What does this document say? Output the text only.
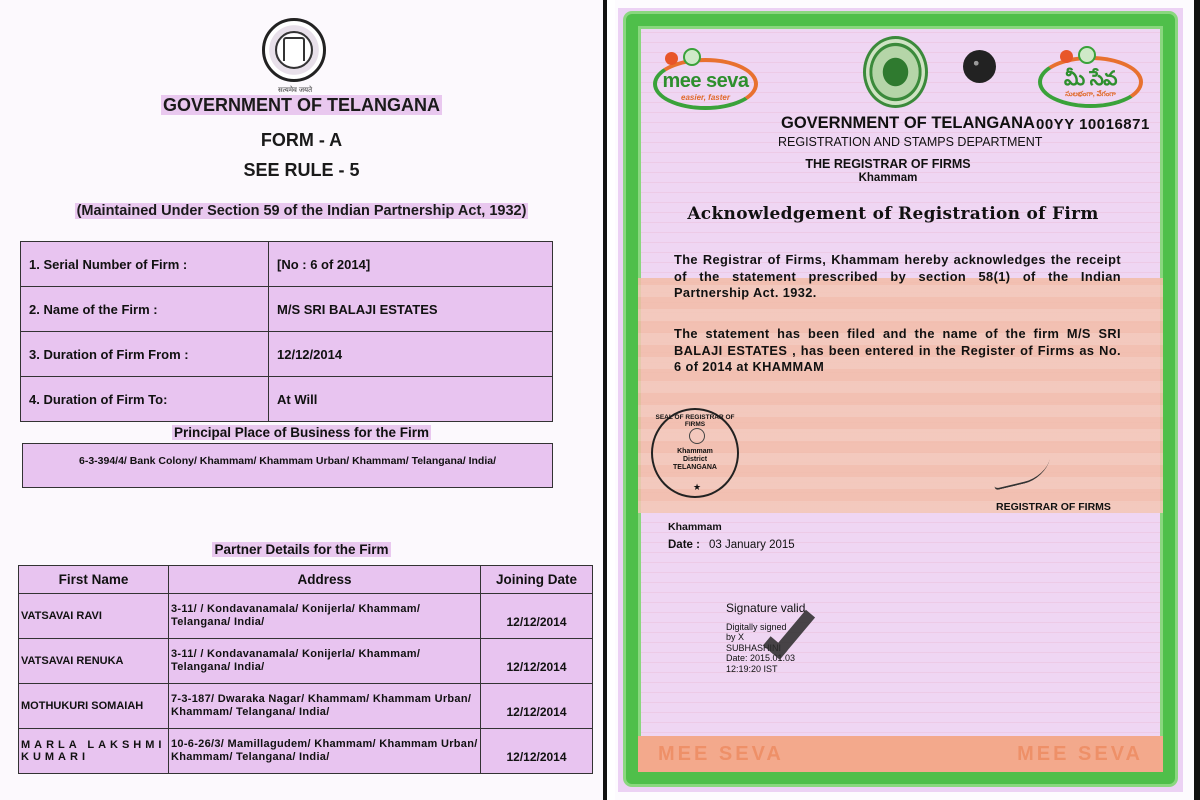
सत्यमेव जयते
GOVERNMENT OF TELANGANA
FORM - A
SEE RULE - 5
(Maintained Under Section 59 of the Indian Partnership Act, 1932)
1. Serial Number of Firm :	[No : 6 of 2014]
2. Name of the Firm :	M/S SRI BALAJI ESTATES
3. Duration of Firm From :	12/12/2014
4. Duration of Firm To:	At Will
Principal Place of Business for the Firm
6-3-394/4/ Bank Colony/ Khammam/ Khammam Urban/ Khammam/ Telangana/ India/
Partner Details for the Firm
First Name	Address	Joining Date
VATSAVAI RAVI	3-11/ / Kondavanamala/ Konijerla/ Khammam/ Telangana/ India/	12/12/2014
VATSAVAI RENUKA	3-11/ / Kondavanamala/ Konijerla/ Khammam/ Telangana/ India/	12/12/2014
MOTHUKURI SOMAIAH	7-3-187/ Dwaraka Nagar/ Khammam/ Khammam Urban/ Khammam/ Telangana/ India/	12/12/2014
MARLA LAKSHMI KUMARI	10-6-26/3/ Mamillagudem/ Khammam/ Khammam Urban/ Khammam/ Telangana/ India/	12/12/2014	MEE SEVA	MEE SEVA
mee seva
easier, faster
మీ సేవ
సులభంగా, వేగంగా
GOVERNMENT OF TELANGANA 00YY 10016871
REGISTRATION AND STAMPS DEPARTMENT
THE REGISTRAR OF FIRMS
Khammam
Acknowledgement of Registration of Firm
The Registrar of Firms, Khammam hereby acknowledges the receipt of the statement prescribed by section 58(1) of the Indian Partnership Act. 1932.
The statement has been filed and the name of the firm M/S SRI BALAJI ESTATES , has been entered in the Register of Firms as No. 6 of 2014 at KHAMMAM
SEAL OF REGISTRAR OF FIRMS
Khammam
District
TELANGANA
★
REGISTRAR OF FIRMS
Khammam
Date : 03 January 2015
Signature valid
Digitally signed
by X
SUBHASHINI
Date: 2015.01.03
12:19:20 IST
